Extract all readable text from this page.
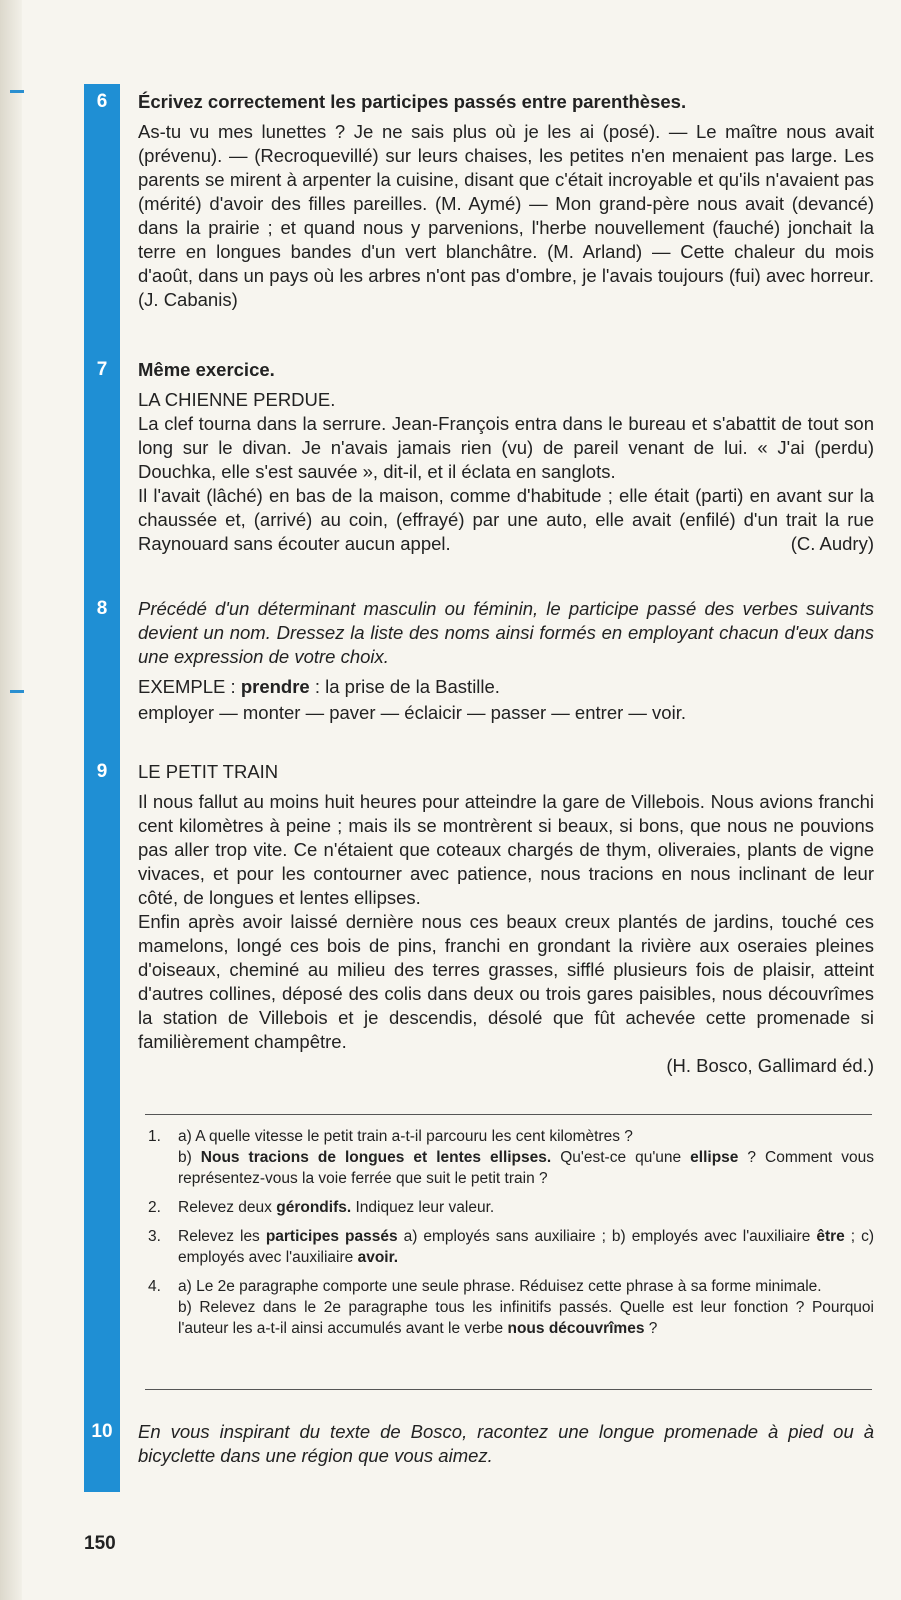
6
7
8
9
10

Écrivez correctement les participes passés entre parenthèses.

As-tu vu mes lunettes ? Je ne sais plus où je les ai (posé). — Le maître nous avait (prévenu). — (Recroquevillé) sur leurs chaises, les petites n'en menaient pas large. Les parents se mirent à arpenter la cuisine, disant que c'était incroyable et qu'ils n'avaient pas (mérité) d'avoir des filles pareilles. (M. Aymé) — Mon grand-père nous avait (devancé) dans la prairie ; et quand nous y parvenions, l'herbe nouvellement (fauché) jonchait la terre en longues bandes d'un vert blanchâtre. (M. Arland) — Cette chaleur du mois d'août, dans un pays où les arbres n'ont pas d'ombre, je l'avais toujours (fui) avec horreur. (J. Cabanis)

Même exercice.

LA CHIENNE PERDUE.

La clef tourna dans la serrure. Jean-François entra dans le bureau et s'abattit de tout son long sur le divan. Je n'avais jamais rien (vu) de pareil venant de lui. « J'ai (perdu) Douchka, elle s'est sauvée », dit-il, et il éclata en sanglots.

Il l'avait (lâché) en bas de la maison, comme d'habitude ; elle était (parti) en avant sur la chaussée et, (arrivé) au coin, (effrayé) par une auto, elle avait (enfilé) d'un trait la rue Raynouard sans écouter aucun appel.	(C. Audry)

Précédé d'un déterminant masculin ou féminin, le participe passé des verbes suivants devient un nom. Dressez la liste des noms ainsi formés en employant chacun d'eux dans une expression de votre choix.

EXEMPLE : prendre : la prise de la Bastille.

employer — monter — paver — éclaicir — passer — entrer — voir.

LE PETIT TRAIN

Il nous fallut au moins huit heures pour atteindre la gare de Villebois. Nous avions franchi cent kilomètres à peine ; mais ils se montrèrent si beaux, si bons, que nous ne pouvions pas aller trop vite. Ce n'étaient que coteaux chargés de thym, oliveraies, plants de vigne vivaces, et pour les contourner avec patience, nous tracions en nous inclinant de leur côté, de longues et lentes ellipses.

Enfin après avoir laissé dernière nous ces beaux creux plantés de jardins, touché ces mamelons, longé ces bois de pins, franchi en grondant la rivière aux oseraies pleines d'oiseaux, cheminé au milieu des terres grasses, sifflé plusieurs fois de plaisir, atteint d'autres collines, déposé des colis dans deux ou trois gares paisibles, nous découvrîmes la station de Villebois et je descendis, désolé que fût achevée cette promenade si familièrement champêtre.

(H. Bosco, Gallimard éd.)

1. a) A quelle vitesse le petit train a-t-il parcouru les cent kilomètres ?

b) Nous tracions de longues et lentes ellipses. Qu'est-ce qu'une ellipse ? Comment vous représentez-vous la voie ferrée que suit le petit train ?

2. Relevez deux gérondifs. Indiquez leur valeur.

3. Relevez les participes passés a) employés sans auxiliaire ; b) employés avec l'auxiliaire être ; c) employés avec l'auxiliaire avoir.

4. a) Le 2e paragraphe comporte une seule phrase. Réduisez cette phrase à sa forme minimale.

b) Relevez dans le 2e paragraphe tous les infinitifs passés. Quelle est leur fonction ? Pourquoi l'auteur les a-t-il ainsi accumulés avant le verbe nous découvrîmes ?

En vous inspirant du texte de Bosco, racontez une longue promenade à pied ou à bicyclette dans une région que vous aimez.

150
